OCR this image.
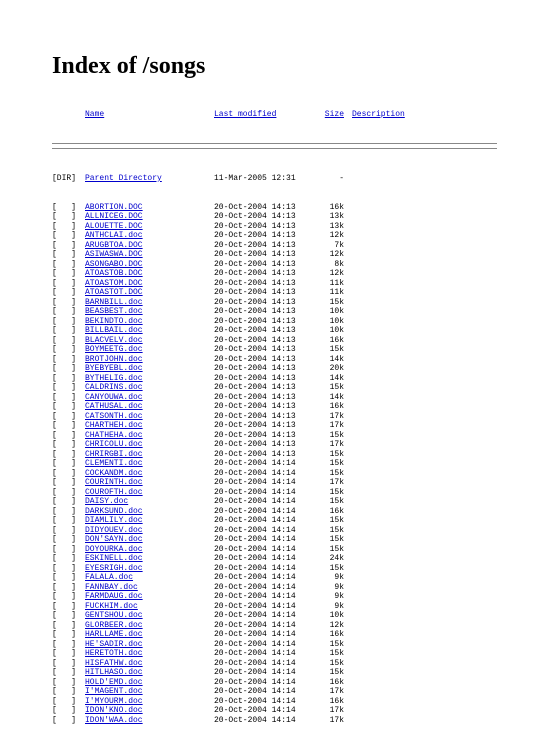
Index of /songs

Name	Last modified	Size Description

[DIR] Parent Directory	11-Mar-2005 12:31	-

[   ] ABORTION.DOC	20-Oct-2004 14:13	16k
[   ] ALLNICEG.DOC	20-Oct-2004 14:13	13k
[   ] ALOUETTE.DOC	20-Oct-2004 14:13	13k
[   ] ANTHCLAI.doc	20-Oct-2004 14:13	12k
[   ] ARUGBTOA.DOC	20-Oct-2004 14:13	7k
[   ] ASIWASWA.DOC	20-Oct-2004 14:13	12k
[   ] ASONGABO.DOC	20-Oct-2004 14:13	8k
[   ] ATOASTOB.DOC	20-Oct-2004 14:13	12k
[   ] ATOASTOM.DOC	20-Oct-2004 14:13	11k
[   ] ATOASTOT.DOC	20-Oct-2004 14:13	11k
[   ] BARNBILL.doc	20-Oct-2004 14:13	15k
[   ] BEASBEST.doc	20-Oct-2004 14:13	10k
[   ] BEKINDTO.doc	20-Oct-2004 14:13	10k
[   ] BILLBAIL.doc	20-Oct-2004 14:13	10k
[   ] BLACVELV.doc	20-Oct-2004 14:13	16k
[   ] BOYMEETG.doc	20-Oct-2004 14:13	15k
[   ] BROTJOHN.doc	20-Oct-2004 14:13	14k
[   ] BYEBYEBL.doc	20-Oct-2004 14:13	20k
[   ] BYTHELIG.doc	20-Oct-2004 14:13	14k
[   ] CALDRINS.doc	20-Oct-2004 14:13	15k
[   ] CANYOUWA.doc	20-Oct-2004 14:13	14k
[   ] CATHUSAL.doc	20-Oct-2004 14:13	16k
[   ] CATSONTH.doc	20-Oct-2004 14:13	17k
[   ] CHARTHEH.doc	20-Oct-2004 14:13	17k
[   ] CHATHEHA.doc	20-Oct-2004 14:13	15k
[   ] CHRICOLU.doc	20-Oct-2004 14:13	17k
[   ] CHRIRGBI.doc	20-Oct-2004 14:13	15k
[   ] CLEMENTI.doc	20-Oct-2004 14:14	15k
[   ] COCKANDM.doc	20-Oct-2004 14:14	15k
[   ] COURINTH.doc	20-Oct-2004 14:14	17k
[   ] COUROFTH.doc	20-Oct-2004 14:14	15k
[   ] DAISY.doc	20-Oct-2004 14:14	15k
[   ] DARKSUND.doc	20-Oct-2004 14:14	16k
[   ] DIAMLILY.doc	20-Oct-2004 14:14	15k
[   ] DIDYOUEV.doc	20-Oct-2004 14:14	15k
[   ] DON'SAYN.doc	20-Oct-2004 14:14	15k
[   ] DOYOURKA.doc	20-Oct-2004 14:14	15k
[   ] ESKINELL.doc	20-Oct-2004 14:14	24k
[   ] EYESRIGH.doc	20-Oct-2004 14:14	15k
[   ] FALALA.doc	20-Oct-2004 14:14	9k
[   ] FANNBAY.doc	20-Oct-2004 14:14	9k
[   ] FARMDAUG.doc	20-Oct-2004 14:14	9k
[   ] FUCKHIM.doc	20-Oct-2004 14:14	9k
[   ] GENTSHOU.doc	20-Oct-2004 14:14	10k
[   ] GLORBEER.doc	20-Oct-2004 14:14	12k
[   ] HARLLAME.doc	20-Oct-2004 14:14	16k
[   ] HE'SADIR.doc	20-Oct-2004 14:14	15k
[   ] HERETOTH.doc	20-Oct-2004 14:14	15k
[   ] HISFATHW.doc	20-Oct-2004 14:14	15k
[   ] HITLHASO.doc	20-Oct-2004 14:14	15k
[   ] HOLD'EMD.doc	20-Oct-2004 14:14	16k
[   ] I'MAGENT.doc	20-Oct-2004 14:14	17k
[   ] I'MYOURM.doc	20-Oct-2004 14:14	16k
[   ] IDON'KNO.doc	20-Oct-2004 14:14	17k
[   ] IDON'WAA.doc	20-Oct-2004 14:14	17k
